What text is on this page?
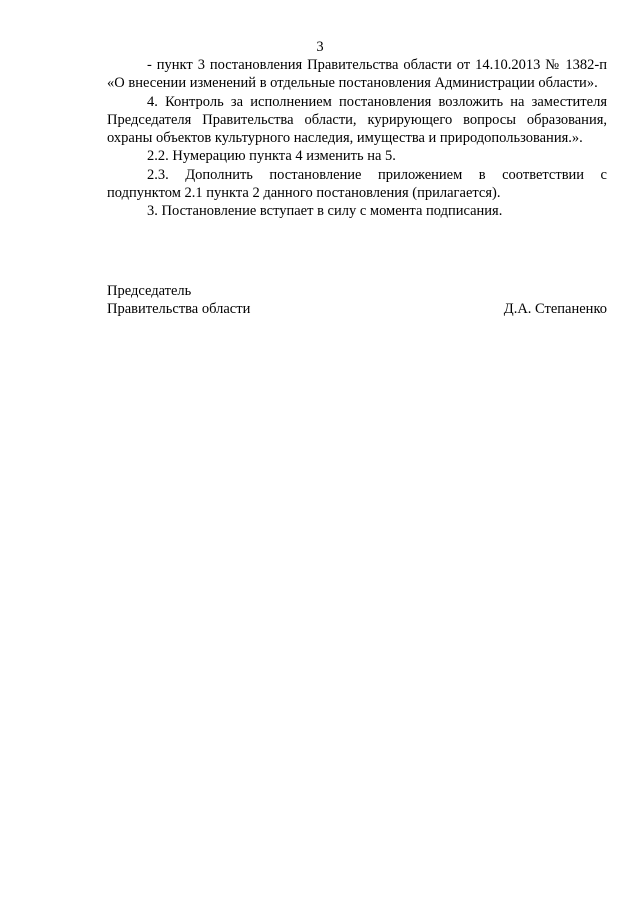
3

- пункт 3 постановления Правительства области от 14.10.2013 № 1382-п «О внесении изменений в отдельные постановления Администрации области».

4. Контроль за исполнением постановления возложить на заместителя Председателя Правительства области, курирующего вопросы образования, охраны объектов культурного наследия, имущества и природопользования.».

2.2. Нумерацию пункта 4 изменить на 5.

2.3. Дополнить постановление приложением в соответствии с подпунктом 2.1 пункта 2 данного постановления (прилагается).

3. Постановление вступает в силу с момента подписания.

Председатель
Правительства области	Д.А. Степаненко
